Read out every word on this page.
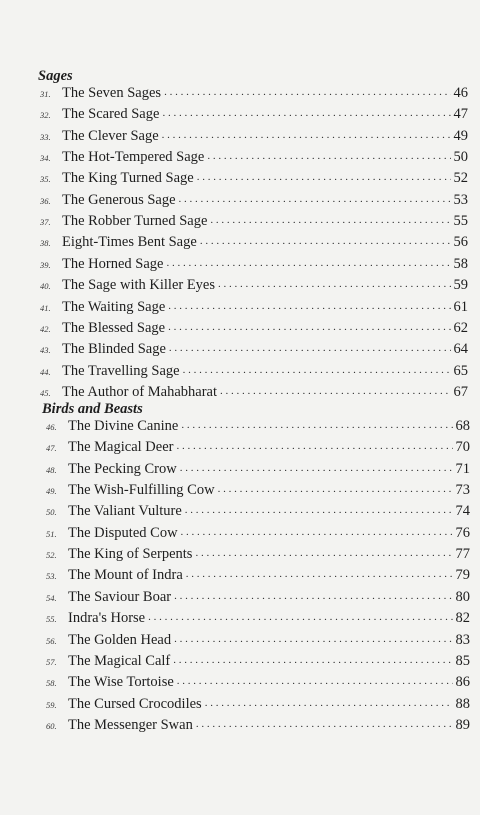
Sages
31. The Seven Sages . . .	46
32. The Scared Sage . . .	47
33. The Clever Sage . . .	49
34. The Hot-Tempered Sage . . .	50
35. The King Turned Sage . . .	52
36. The Generous Sage . . .	53
37. The Robber Turned Sage . . .	55
38. Eight-Times Bent Sage . . .	56
39. The Horned Sage . . .	58
40. The Sage with Killer Eyes . . .	59
41. The Waiting Sage . . .	61
42. The Blessed Sage . . .	62
43. The Blinded Sage . . .	64
44. The Travelling Sage . . .	65
45. The Author of Mahabharat . . .	67
Birds and Beasts
46. The Divine Canine . . .	68
47. The Magical Deer . . .	70
48. The Pecking Crow . . .	71
49. The Wish-Fulfilling Cow . . .	73
50. The Valiant Vulture . . .	74
51. The Disputed Cow . . .	76
52. The King of Serpents . . .	77
53. The Mount of Indra . . .	79
54. The Saviour Boar . . .	80
55. Indra's Horse . . .	82
56. The Golden Head . . .	83
57. The Magical Calf . . .	85
58. The Wise Tortoise . . .	86
59. The Cursed Crocodiles . . .	88
60. The Messenger Swan . . .	89
